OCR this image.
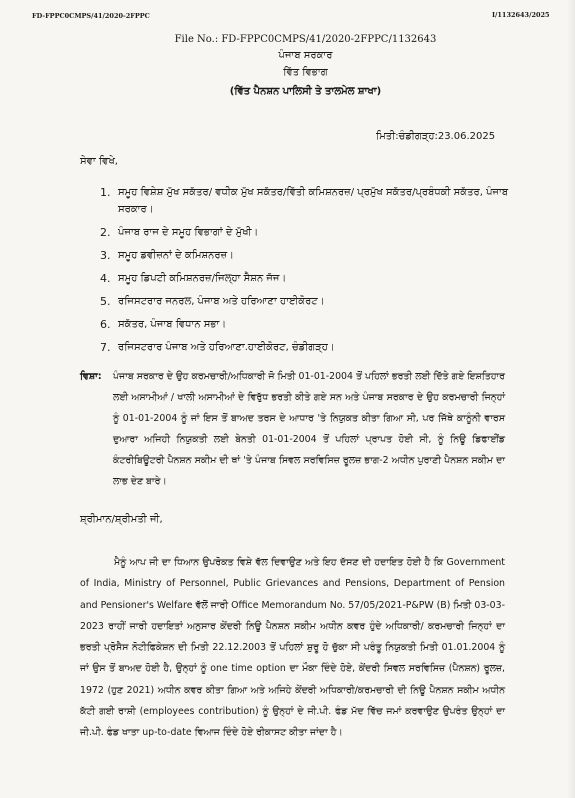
FD-FPPC0CMPS/41/2020-2FPPC	I/1132643/2025
File No.: FD-FPPC0CMPS/41/2020-2FPPC/1132643
ਪੰਜਾਬ ਸਰਕਾਰ
ਵਿੱਤ ਵਿਭਾਗ
(ਵਿੱਤ ਪੈਨਸ਼ਨ ਪਾਲਿਸੀ ਤੇ ਤਾਲਮੇਲ ਸ਼ਾਖਾ)
ਮਿਤੀ:ਚੰਡੀਗੜ੍ਹ:23.06.2025
ਸੇਵਾ ਵਿਖੇ,
1. ਸਮੂਹ ਵਿਸ਼ੇਸ਼ ਮੁੱਖ ਸਕੱਤਰ/ ਵਧੀਕ ਮੁੱਖ ਸਕੱਤਰ/ਵਿੱਤੀ ਕਮਿਸ਼ਨਰਜ਼/ ਪ੍ਰਮੁੱਖ ਸਕੱਤਰ/ਪ੍ਰਬੰਧਕੀ ਸਕੱਤਰ, ਪੰਜਾਬ ਸਰਕਾਰ।
2. ਪੰਜਾਬ ਰਾਜ ਦੇ ਸਮੂਹ ਵਿਭਾਗਾਂ ਦੇ ਮੁੱਖੀ।
3. ਸਮੂਹ ਡਵੀਜ਼ਨਾਂ ਦੇ ਕਮਿਸ਼ਨਰਜ਼।
4. ਸਮੂਹ ਡਿਪਟੀ ਕਮਿਸ਼ਨਰਜ਼/ਜਿਲ੍ਹਾ ਸੈਸ਼ਨ ਜੱਜ।
5. ਰਜਿਸਟਰਾਰ ਜਨਰਲ, ਪੰਜਾਬ ਅਤੇ ਹਰਿਆਣਾ ਹਾਈਕੋਰਟ।
6. ਸਕੱਤਰ, ਪੰਜਾਬ ਵਿਧਾਨ ਸਭਾ।
7. ਰਜਿਸਟਰਾਰ ਪੰਜਾਬ ਅਤੇ ਹਰਿਆਣਾ.ਹਾਈਕੋਰਟ, ਚੰਡੀਗੜ੍ਹ।
ਵਿਸ਼ਾ: ਪੰਜਾਬ ਸਰਕਾਰ ਦੇ ਉਹ ਕਰਮਚਾਰੀ/ਅਧਿਕਾਰੀ ਜੋ ਮਿਤੀ 01-01-2004 ਤੋਂ ਪਹਿਲਾਂ ਭਰਤੀ ਲਈ ਦਿੱਤੇ ਗਏ ਇਸ਼ਤਿਹਾਰ ਲਈ ਅਸਾਮੀਆਂ / ਖਾਲੀ ਅਸਾਮੀਆਂ ਦੇ ਵਿਰੁੱਧ ਭਰਤੀ ਕੀਤੇ ਗਏ ਸਨ ਅਤੇ ਪੰਜਾਬ ਸਰਕਾਰ ਦੇ ਉਹ ਕਰਮਚਾਰੀ ਜਿਨ੍ਹਾਂ ਨੂੰ 01-01-2004 ਨੂੰ ਜਾਂ ਇਸ ਤੋਂ ਬਾਅਦ ਤਰਸ ਦੇ ਆਧਾਰ 'ਤੇ ਨਿਯੁਕਤ ਕੀਤਾ ਗਿਆ ਸੀ, ਪਰ ਜਿੱਥੇ ਕਾਨੂੰਨੀ ਵਾਰਸ ਦੁਆਰਾ ਅਜਿਹੀ ਨਿਯੁਕਤੀ ਲਈ ਬੇਨਤੀ 01-01-2004 ਤੋਂ ਪਹਿਲਾਂ ਪ੍ਰਾਪਤ ਹੋਈ ਸੀ, ਨੂੰ ਨਿਊ ਡਿਫਾਈਂਡ ਕੰਟਰੀਬਿਊਟਰੀ ਪੈਨਸ਼ਨ ਸਕੀਮ ਦੀ ਥਾਂ 'ਤੇ ਪੰਜਾਬ ਸਿਵਲ ਸਰਵਿਸਿਜ਼ ਰੂਲਜ਼ ਭਾਗ-2 ਅਧੀਨ ਪੁਰਾਣੀ ਪੈਨਸ਼ਨ ਸਕੀਮ ਦਾ ਲਾਭ ਦੇਣ ਬਾਰੇ।
ਸ਼੍ਰੀਮਾਨ/ਸ਼੍ਰੀਮਤੀ ਜੀ,
ਮੈਨੂੰ ਆਪ ਜੀ ਦਾ ਧਿਆਨ ਉਪਰੋਕਤ ਵਿਸ਼ੇ ਵੱਲ ਦਿਵਾਉਣ ਅਤੇ ਇਹ ਦੱਸਣ ਦੀ ਹਦਾਇਤ ਹੋਈ ਹੈ ਕਿ Government of India, Ministry of Personnel, Public Grievances and Pensions, Department of Pension and Pensioner's Welfare ਵੱਲੋਂ ਜਾਰੀ Office Memorandum No. 57/05/2021-P&PW (B) ਮਿਤੀ 03-03-2023 ਰਾਹੀਂ ਜਾਰੀ ਹਦਾਇਤਾਂ ਅਨੁਸਾਰ ਕੇਂਦਰੀ ਨਿਊ ਪੈਨਸ਼ਨ ਸਕੀਮ ਅਧੀਨ ਕਵਰ ਹੁੰਦੇ ਅਧਿਕਾਰੀ/ ਕਰਮਚਾਰੀ ਜਿਨ੍ਹਾਂ ਦਾ ਭਰਤੀ ਪ੍ਰੋਸੈਸ ਨੋਟੀਫਿਕੇਸ਼ਨ ਦੀ ਮਿਤੀ 22.12.2003 ਤੋਂ ਪਹਿਲਾਂ ਸ਼ੁਰੂ ਹੋ ਚੁੱਕਾ ਸੀ ਪਰੰਤੂ ਨਿਯੁਕਤੀ ਮਿਤੀ 01.01.2004 ਨੂੰ ਜਾਂ ਉਸ ਤੋਂ ਬਾਅਦ ਹੋਈ ਹੈ, ਉਨ੍ਹਾਂ ਨੂੰ one time option ਦਾ ਮੌਕਾ ਦਿੰਦੇ ਹੋਏ, ਕੇਂਦਰੀ ਸਿਵਲ ਸਰਵਿਸਿਜ਼ (ਪੈਨਸ਼ਨ) ਰੂਲਜ਼, 1972 (ਹੁਣ 2021) ਅਧੀਨ ਕਵਰ ਕੀਤਾ ਗਿਆ ਅਤੇ ਅਜਿਹੇ ਕੇਂਦਰੀ ਅਧਿਕਾਰੀ/ਕਰਮਚਾਰੀ ਦੀ ਨਿਊ ਪੈਨਸ਼ਨ ਸਕੀਮ ਅਧੀਨ ਕੱਟੀ ਗਈ ਰਾਸ਼ੀ (employees contribution) ਨੂੰ ਉਨ੍ਹਾਂ ਦੇ ਜੀ.ਪੀ. ਫੰਡ ਮੱਦ ਵਿੱਚ ਜਮਾਂ ਕਰਵਾਉਣ ਉਪਰੰਤ ਉਨ੍ਹਾਂ ਦਾ ਜੀ.ਪੀ. ਫੰਡ ਖਾਤਾ up-to-date ਵਿਆਜ ਦਿੰਦੇ ਹੋਏ ਰੀਕਾਸਟ ਕੀਤਾ ਜਾਂਦਾ ਹੈ।
